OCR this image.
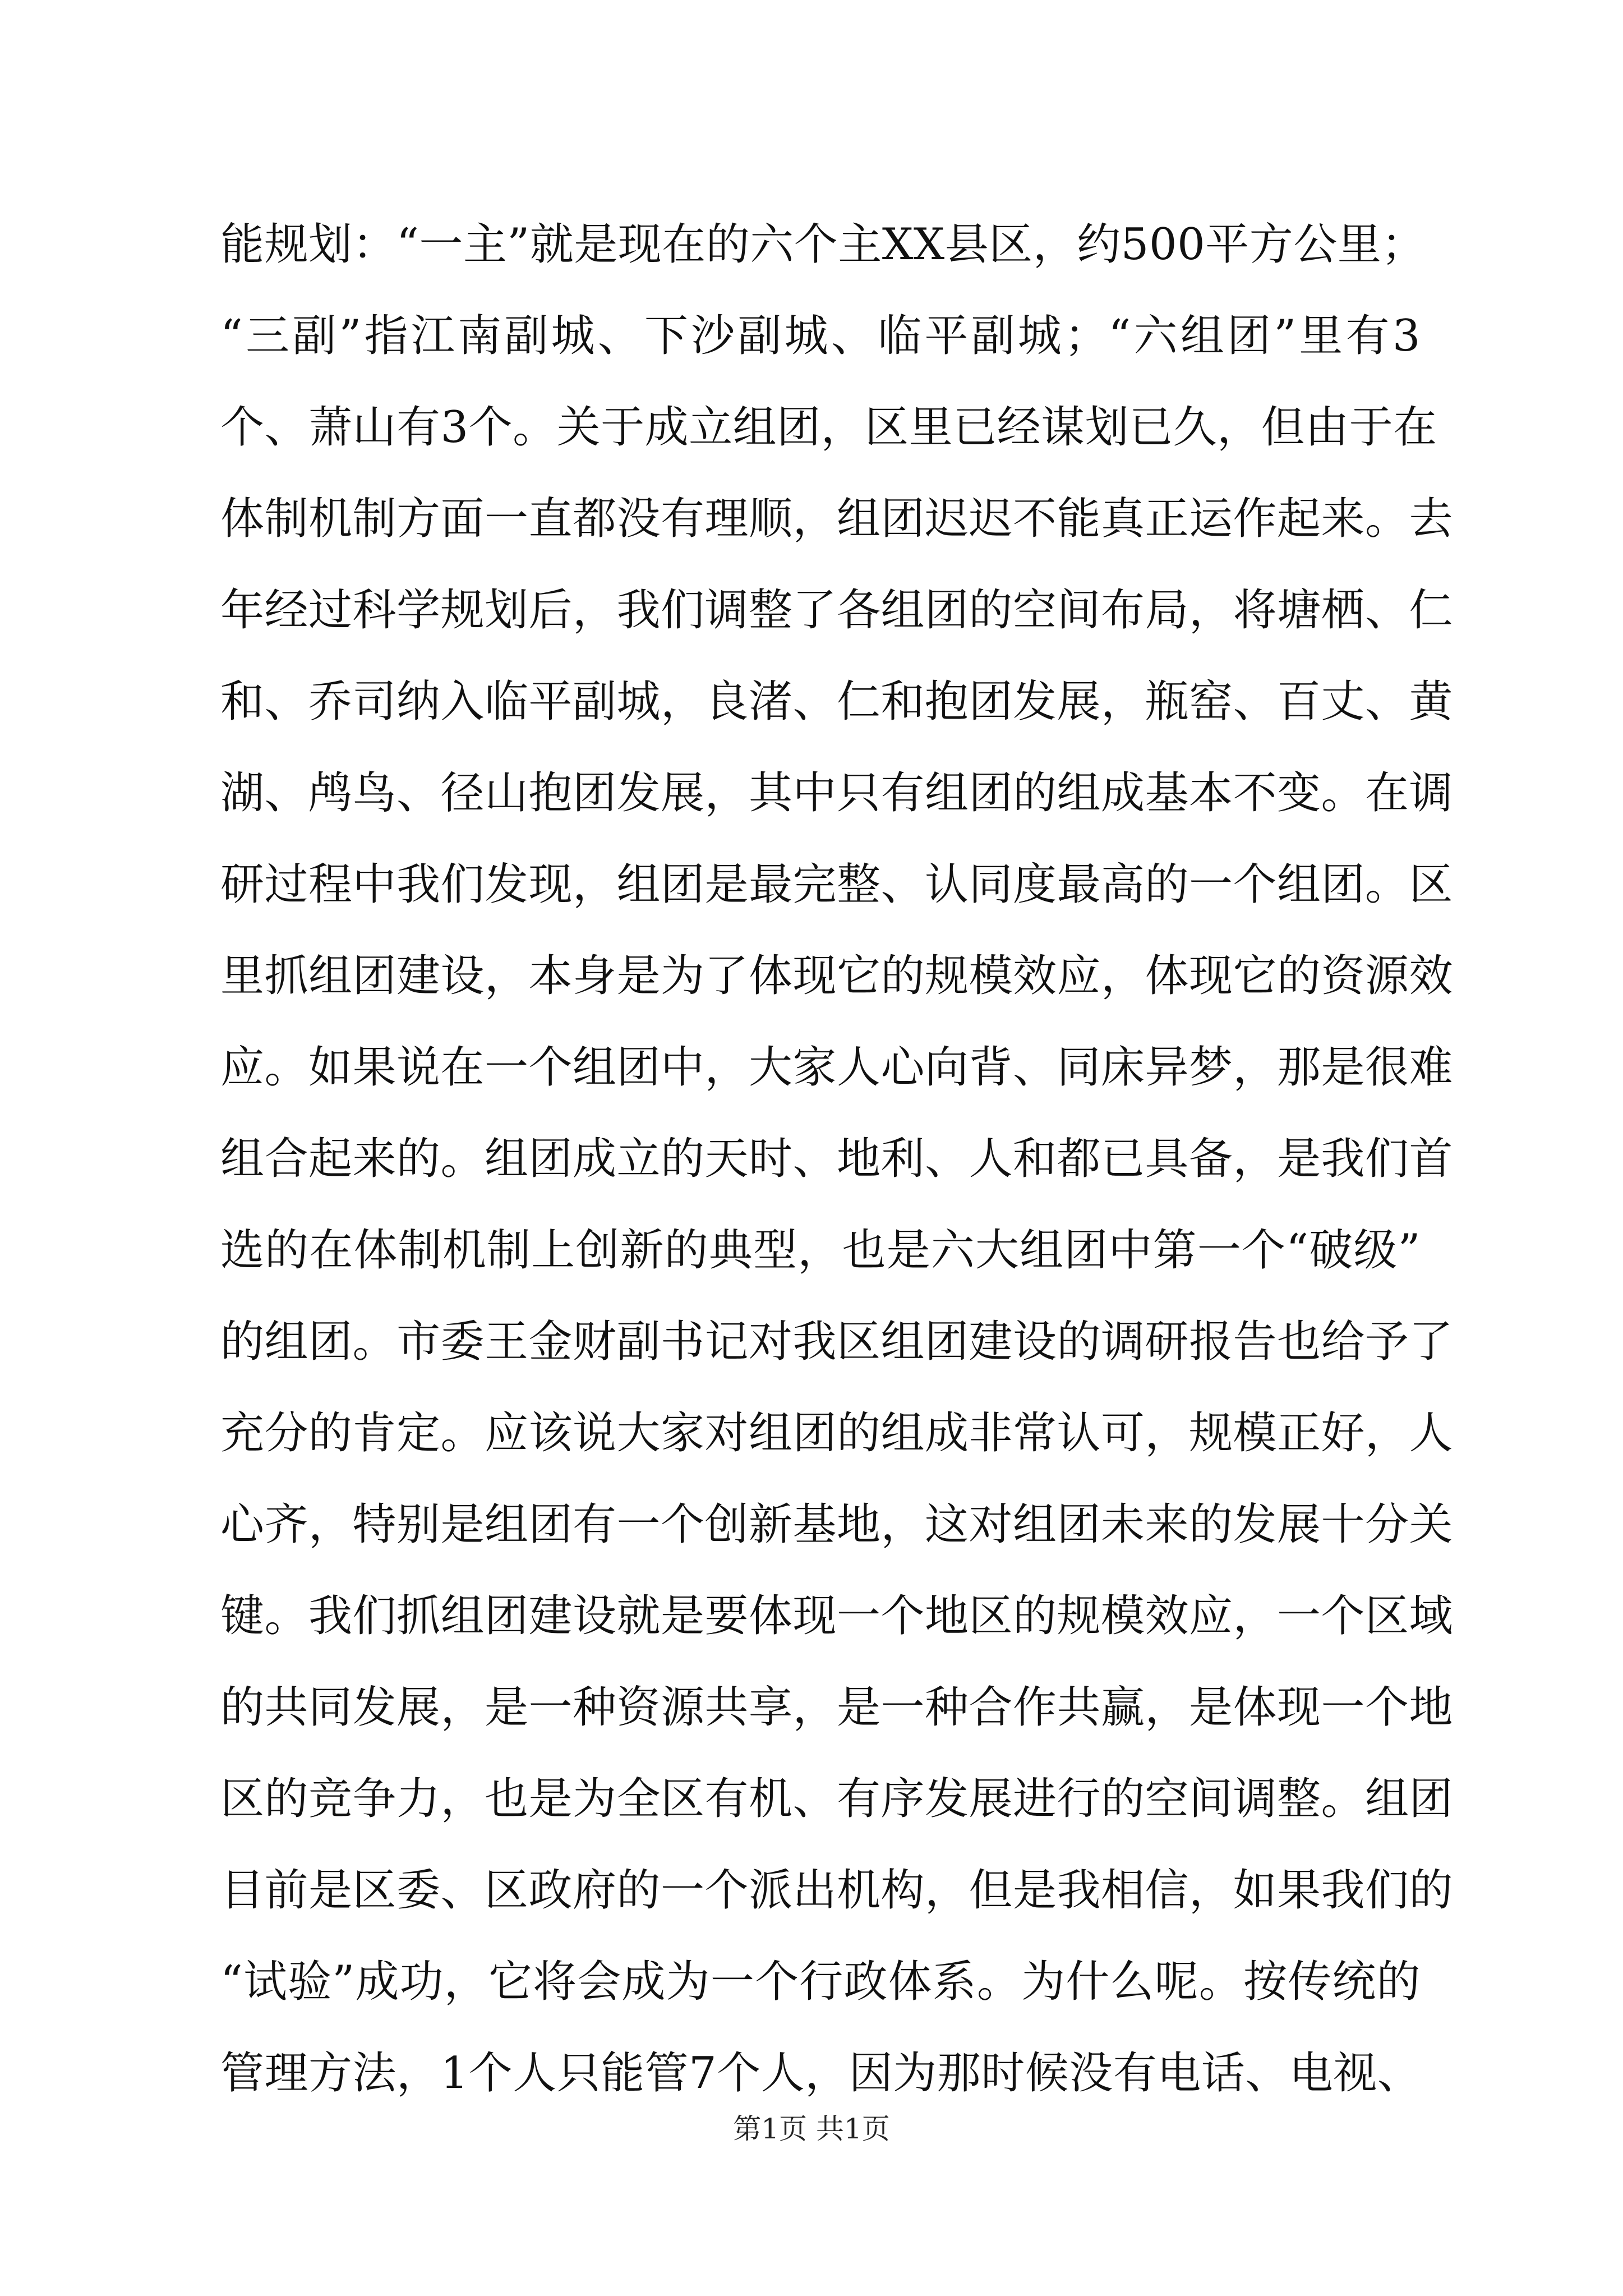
能规划：“一主”就是现在的六个主XX县区，约500平方公里；
“三副”指江南副城、下沙副城、临平副城；“六组团”里有3
个、萧山有3个。关于成立组团，区里已经谋划已久，但由于在
体制机制方面一直都没有理顺，组团迟迟不能真正运作起来。去
年经过科学规划后，我们调整了各组团的空间布局，将塘栖、仁
和、乔司纳入临平副城，良渚、仁和抱团发展，瓶窑、百丈、黄
湖、鸬鸟、径山抱团发展，其中只有组团的组成基本不变。在调
研过程中我们发现，组团是最完整、认同度最高的一个组团。区
里抓组团建设，本身是为了体现它的规模效应，体现它的资源效
应。如果说在一个组团中，大家人心向背、同床异梦，那是很难
组合起来的。组团成立的天时、地利、人和都已具备，是我们首
选的在体制机制上创新的典型，也是六大组团中第一个“破级”
的组团。市委王金财副书记对我区组团建设的调研报告也给予了
充分的肯定。应该说大家对组团的组成非常认可，规模正好，人
心齐，特别是组团有一个创新基地，这对组团未来的发展十分关
键。我们抓组团建设就是要体现一个地区的规模效应，一个区域
的共同发展，是一种资源共享，是一种合作共赢，是体现一个地
区的竞争力，也是为全区有机、有序发展进行的空间调整。组团
目前是区委、区政府的一个派出机构，但是我相信，如果我们的
“试验”成功，它将会成为一个行政体系。为什么呢。按传统的
管理方法，1个人只能管7个人，因为那时候没有电话、电视、
第1页 共1页
